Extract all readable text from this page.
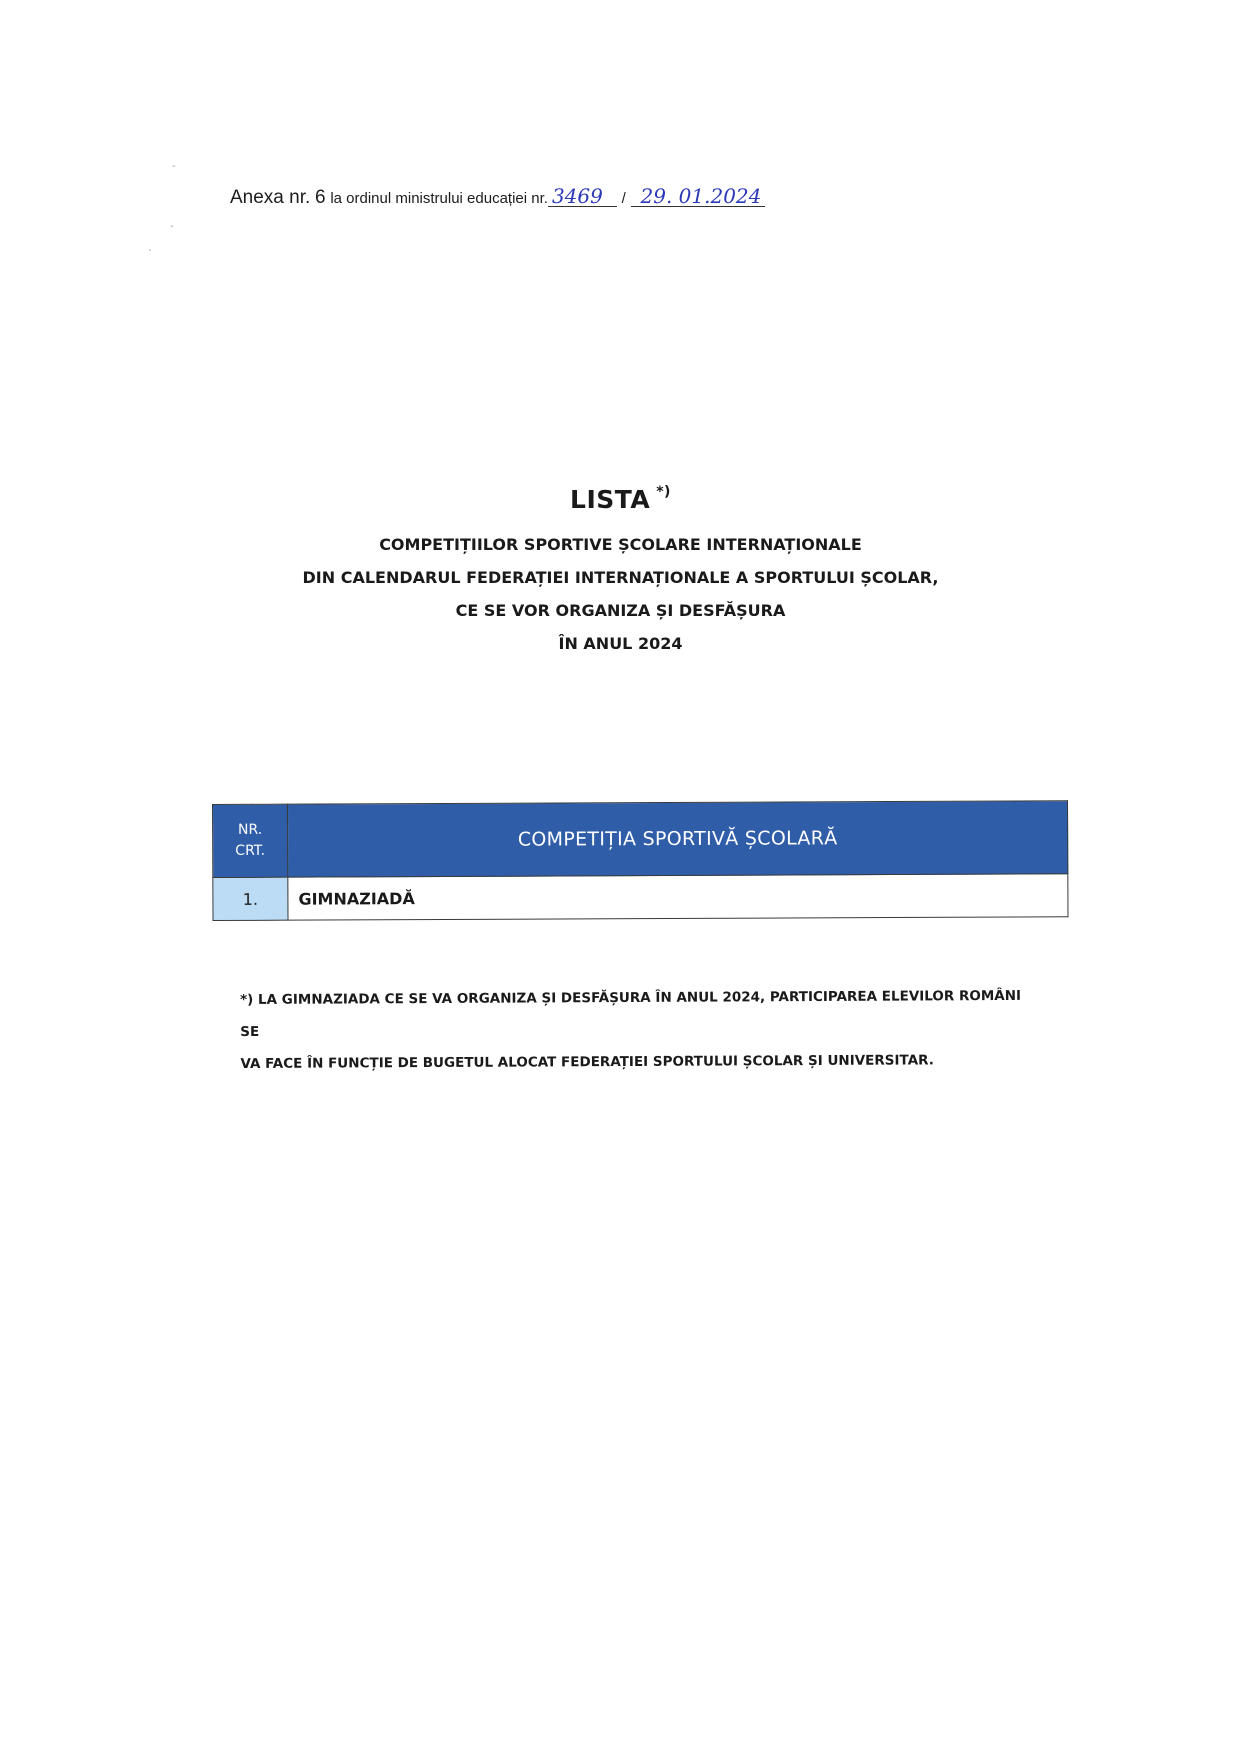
-
-
`
Anexa nr. 6 la ordinul ministrului educației nr. 3469 / 29. 01.2024
LISTA *)
COMPETIȚIILOR SPORTIVE ȘCOLARE INTERNAȚIONALE
DIN CALENDARUL FEDERAȚIEI INTERNAȚIONALE A SPORTULUI ȘCOLAR,
CE SE VOR ORGANIZA ȘI DESFĂȘURA
ÎN ANUL 2024
NR.
CRT.	COMPETIȚIA SPORTIVĂ ȘCOLARĂ
1.	GIMNAZIADĂ
*) LA GIMNAZIADA CE SE VA ORGANIZA ȘI DESFĂȘURA ÎN ANUL 2024, PARTICIPAREA ELEVILOR ROMÂNI SE
VA FACE ÎN FUNCȚIE DE BUGETUL ALOCAT FEDERAȚIEI SPORTULUI ȘCOLAR ȘI UNIVERSITAR.
